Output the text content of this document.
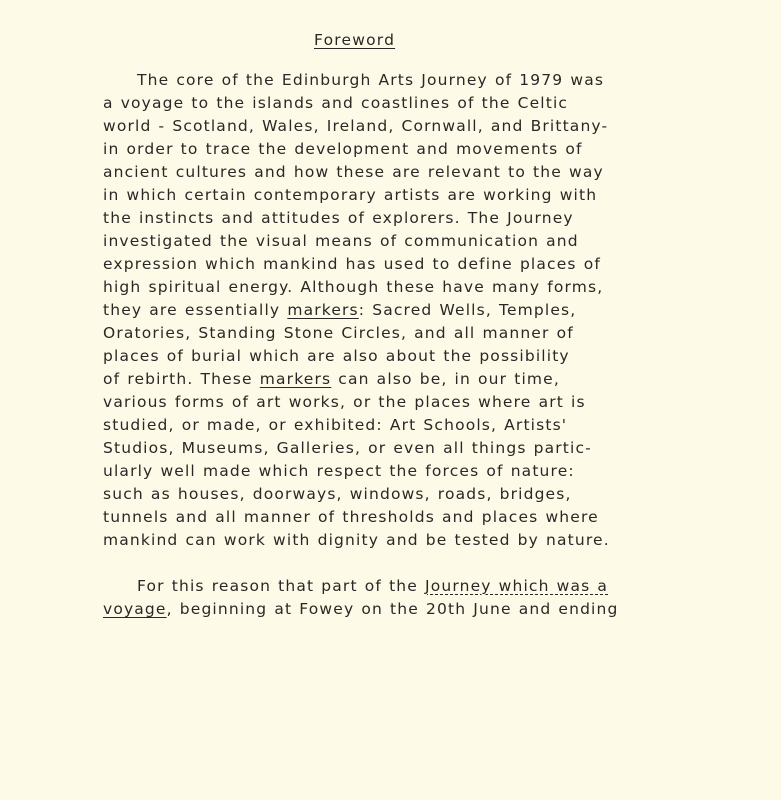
Foreword
The core of the Edinburgh Arts Journey of 1979 was
a voyage to the islands and coastlines of the Celtic
world - Scotland, Wales, Ireland, Cornwall, and Brittany-
in order to trace the development and movements of
ancient cultures and how these are relevant to the way
in which certain contemporary artists are working with
the instincts and attitudes of explorers. The Journey
investigated the visual means of communication and
expression which mankind has used to define places of
high spiritual energy. Although these have many forms,
they are essentially markers: Sacred Wells, Temples,
Oratories, Standing Stone Circles, and all manner of
places of burial which are also about the possibility
of rebirth. These markers can also be, in our time,
various forms of art works, or the places where art is
studied, or made, or exhibited: Art Schools, Artists'
Studios, Museums, Galleries, or even all things partic-
ularly well made which respect the forces of nature:
such as houses, doorways, windows, roads, bridges,
tunnels and all manner of thresholds and places where
mankind can work with dignity and be tested by nature.
For this reason that part of the Journey which was a
voyage, beginning at Fowey on the 20th June and ending
